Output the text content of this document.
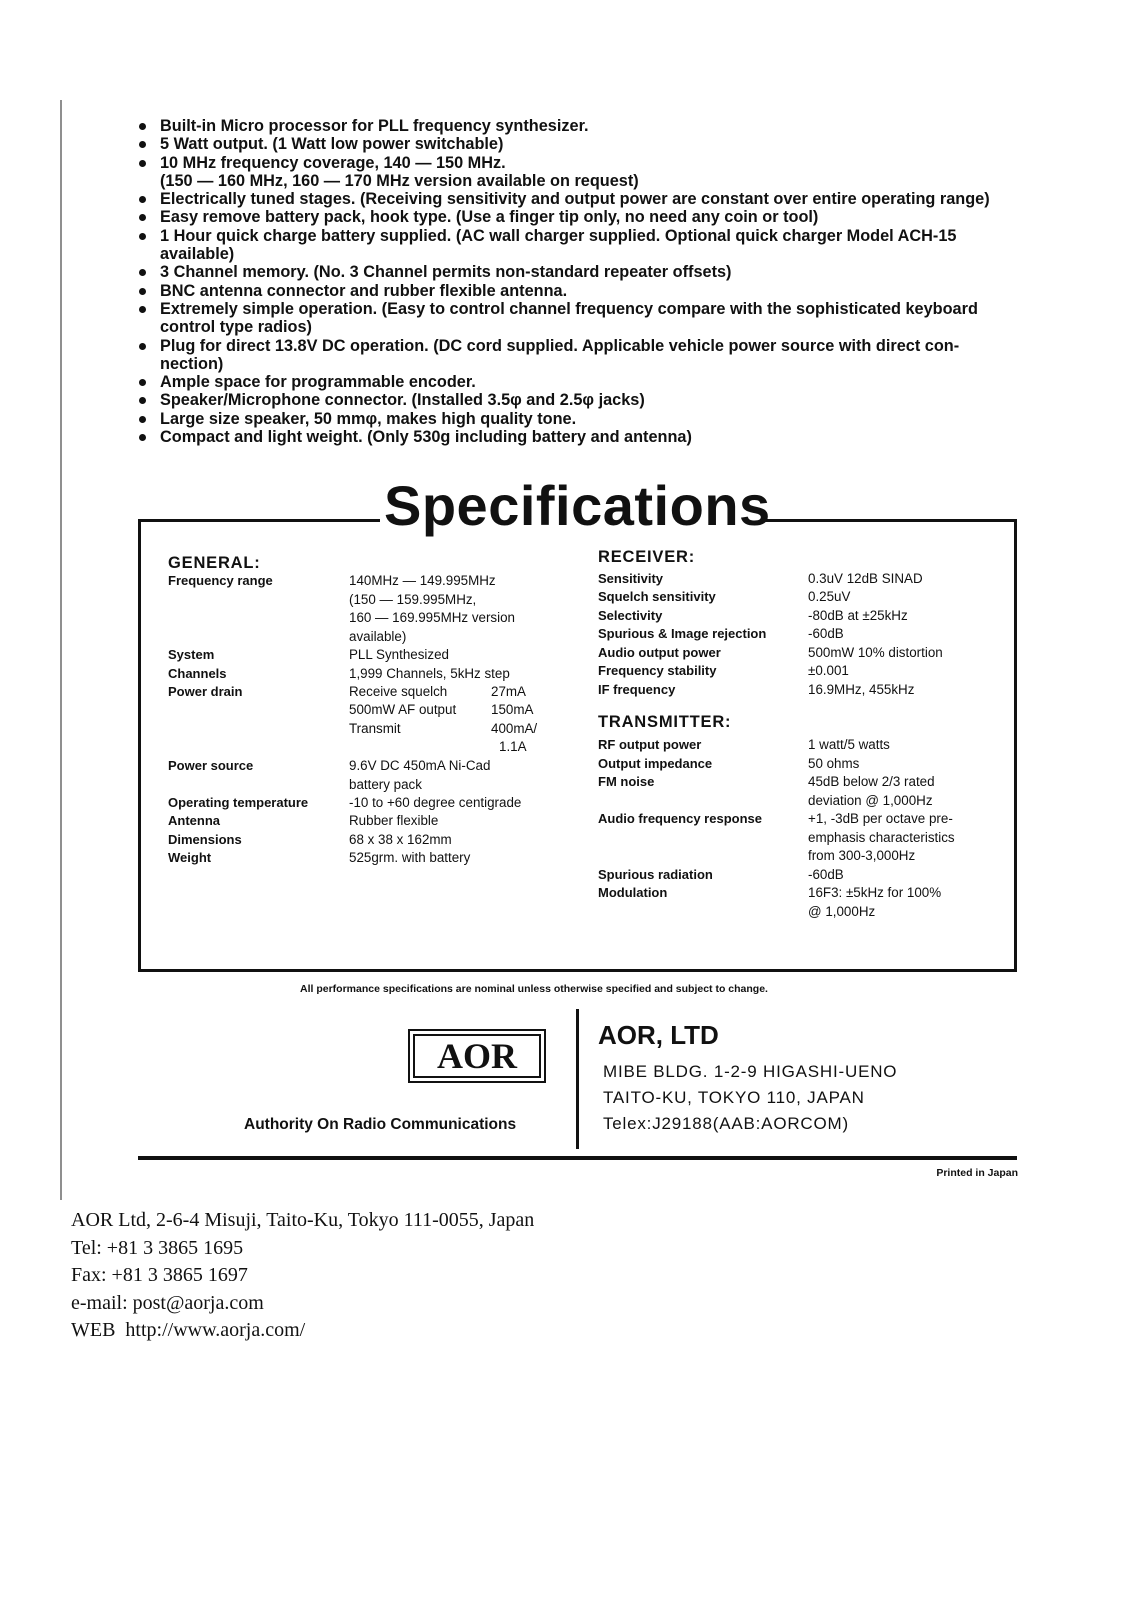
Built-in Micro processor for PLL frequency synthesizer.
5 Watt output. (1 Watt low power switchable)
10 MHz frequency coverage, 140 — 150 MHz.
(150 — 160 MHz, 160 — 170 MHz version available on request)
Electrically tuned stages. (Receiving sensitivity and output power are constant over entire operating range)
Easy remove battery pack, hook type. (Use a finger tip only, no need any coin or tool)
1 Hour quick charge battery supplied. (AC wall charger supplied. Optional quick charger Model ACH-15
available)
3 Channel memory. (No. 3 Channel permits non-standard repeater offsets)
BNC antenna connector and rubber flexible antenna.
Extremely simple operation. (Easy to control channel frequency compare with the sophisticated keyboard
control type radios)
Plug for direct 13.8V DC operation. (DC cord supplied. Applicable vehicle power source with direct con-
nection)
Ample space for programmable encoder.
Speaker/Microphone connector. (Installed 3.5φ and 2.5φ jacks)
Large size speaker, 50 mmφ, makes high quality tone.
Compact and light weight. (Only 530g including battery and antenna)
Specifications
GENERAL:
Frequency range	140MHz — 149.995MHz
(150 — 159.995MHz,
160 — 169.995MHz version
available)
System	PLL Synthesized
Channels	1,999 Channels, 5kHz step
Power drain	Receive squelch	27mA
500mW AF output	150mA
Transmit	400mA/
1.1A
Power source	9.6V DC 450mA Ni-Cad
battery pack
Operating temperature	-10 to +60 degree centigrade
Antenna	Rubber flexible
Dimensions	68 x 38 x 162mm
Weight	525grm. with battery
RECEIVER:
Sensitivity	0.3uV 12dB SINAD
Squelch sensitivity	0.25uV
Selectivity	-80dB at ±25kHz
Spurious & Image rejection	-60dB
Audio output power	500mW 10% distortion
Frequency stability	±0.001
IF frequency	16.9MHz, 455kHz
TRANSMITTER:
RF output power	1 watt/5 watts
Output impedance	50 ohms
FM noise	45dB below 2/3 rated
deviation @ 1,000Hz
Audio frequency response	+1, -3dB per octave pre-
emphasis characteristics
from 300-3,000Hz
Spurious radiation	-60dB
Modulation	16F3: ±5kHz for 100%
@ 1,000Hz
All performance specifications are nominal unless otherwise specified and subject to change.
AOR
Authority On Radio Communications
AOR, LTD
MIBE BLDG. 1-2-9 HIGASHI-UENO
TAITO-KU, TOKYO 110, JAPAN
Telex:J29188(AAB:AORCOM)
Printed in Japan
AOR Ltd, 2-6-4 Misuji, Taito-Ku, Tokyo 111-0055, Japan
Tel: +81 3 3865 1695
Fax: +81 3 3865 1697
e-mail: post@aorja.com
WEB  http://www.aorja.com/
